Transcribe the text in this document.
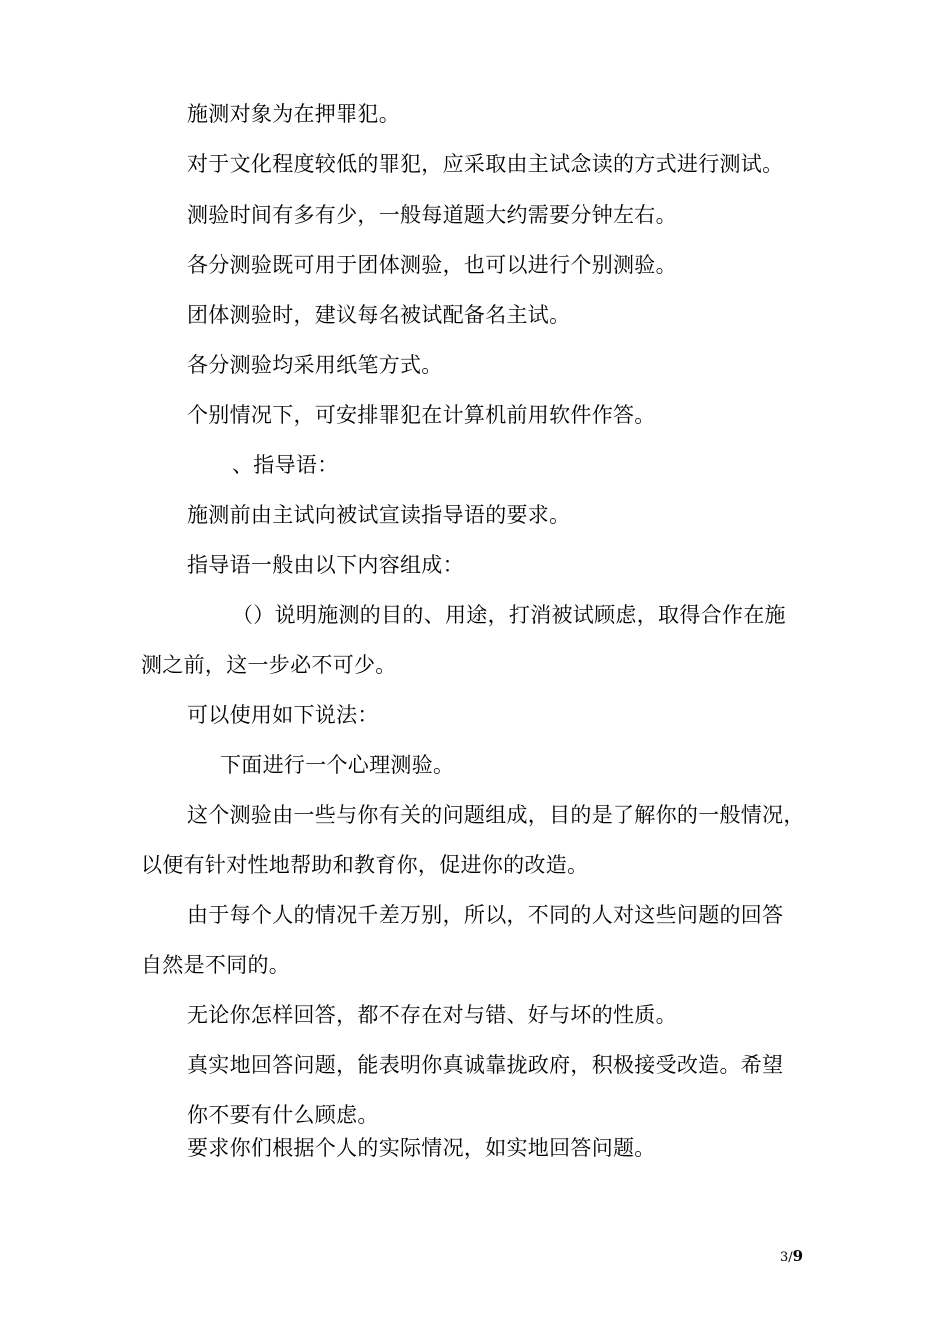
施测对象为在押罪犯。
对于文化程度较低的罪犯，应采取由主试念读的方式进行测试。
测验时间有多有少，一般每道题大约需要分钟左右。
各分测验既可用于团体测验，也可以进行个别测验。
团体测验时，建议每名被试配备名主试。
各分测验均采用纸笔方式。
个别情况下，可安排罪犯在计算机前用软件作答。
、指导语：
施测前由主试向被试宣读指导语的要求。
指导语一般由以下内容组成：
（）说明施测的目的、用途，打消被试顾虑，取得合作在施
测之前，这一步必不可少。
可以使用如下说法：
下面进行一个心理测验。
这个测验由一些与你有关的问题组成，目的是了解你的一般情况，
以便有针对性地帮助和教育你，促进你的改造。
由于每个人的情况千差万别，所以，不同的人对这些问题的回答
自然是不同的。
无论你怎样回答，都不存在对与错、好与坏的性质。
真实地回答问题，能表明你真诚靠拢政府，积极接受改造。希望
你不要有什么顾虑。
要求你们根据个人的实际情况，如实地回答问题。
3/9
